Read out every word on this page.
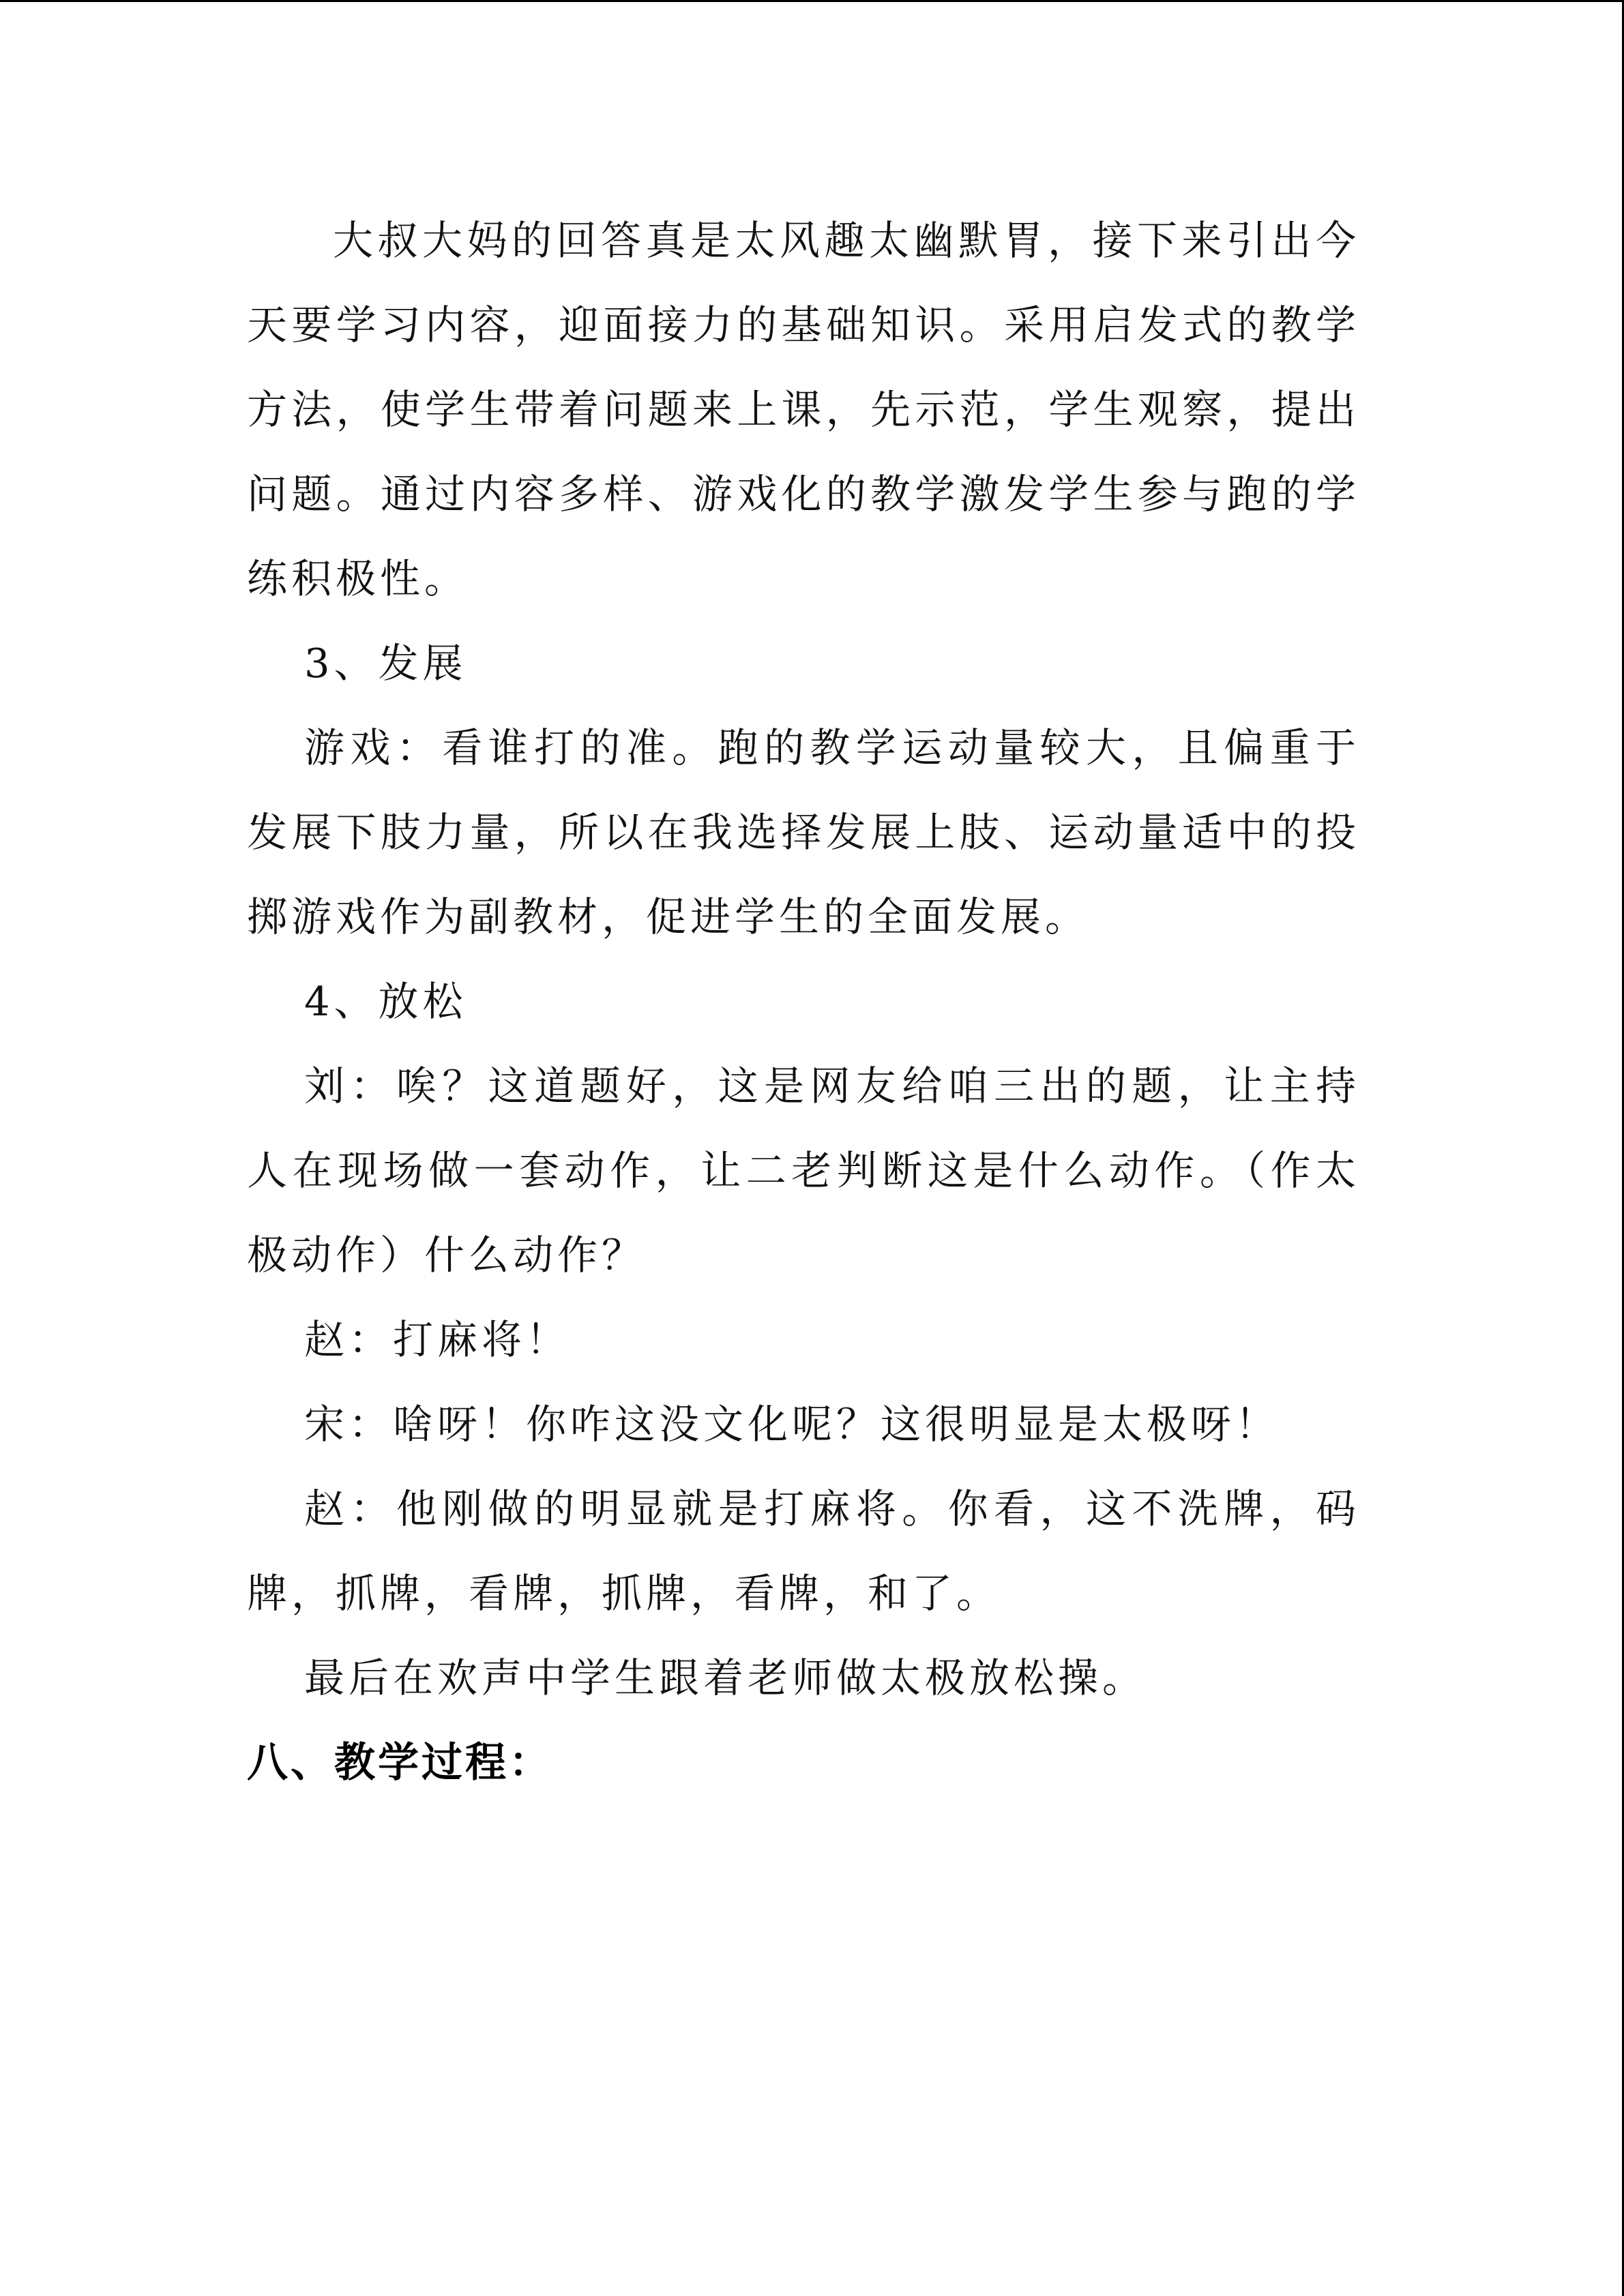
大叔大妈的回答真是太风趣太幽默胃，接下来引出今天要学习内容，迎面接力的基础知识。采用启发式的教学方法，使学生带着问题来上课，先示范，学生观察，提出问题。通过内容多样、游戏化的教学激发学生参与跑的学练积极性。

3、发展

游戏：看谁打的准。跑的教学运动量较大，且偏重于发展下肢力量，所以在我选择发展上肢、运动量适中的投掷游戏作为副教材，促进学生的全面发展。

4、放松

刘：唉？这道题好，这是网友给咱三出的题，让主持人在现场做一套动作，让二老判断这是什么动作。（作太极动作）什么动作？

赵：打麻将！

宋：啥呀！你咋这没文化呢？这很明显是太极呀！

赵：他刚做的明显就是打麻将。你看，这不洗牌，码牌，抓牌，看牌，抓牌，看牌，和了。

最后在欢声中学生跟着老师做太极放松操。

八、教学过程：
